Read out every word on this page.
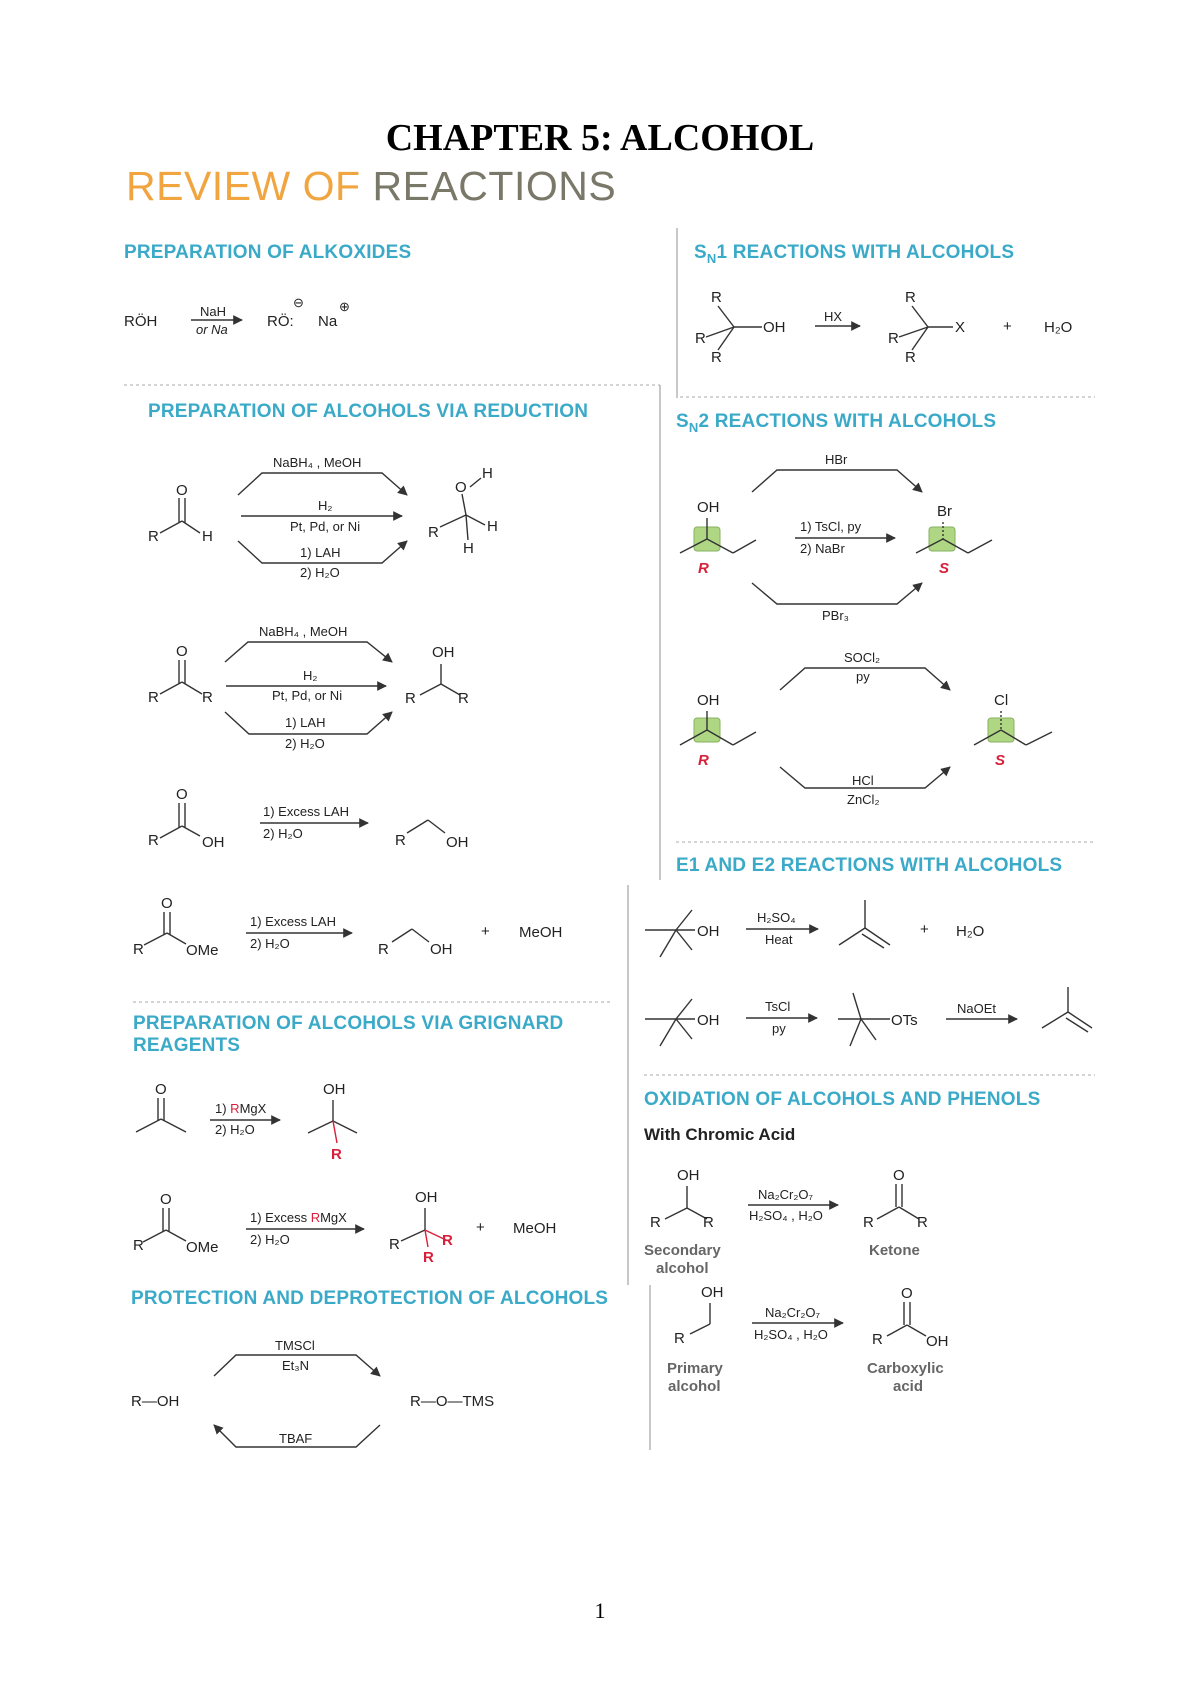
CHAPTER 5: ALCOHOL
REVIEW OF REACTIONS
PREPARATION OF ALKOXIDES	$S_N1$ REACTIONS WITH ALCOHOLS
PREPARATION OF ALCOHOLS VIA REDUCTION	$S_N2$ REACTIONS WITH ALCOHOLS
E1 AND E2 REACTIONS WITH ALCOHOLS
PREPARATION OF ALCOHOLS VIA GRIGNARD
REAGENTS
OXIDATION OF ALCOHOLS AND PHENOLS
With Chromic Acid
PROTECTION AND DEPROTECTION OF ALCOHOLS
1
RÖH
NaH
or Na	RÖ:
⊖
Na
⊕
R
R
R
OH
HX
R
R
R
X	+ H₂O
O
R	H
NaBH₄ , MeOH
H₂
Pt, Pd, or Ni
1) LAH
2) H₂O
O
H
R	H
H
O
R	R
NaBH₄ , MeOH
H₂
Pt, Pd, or Ni
1) LAH
2) H₂O
OH
R	R
O
R	OH
1) Excess LAH
2) H₂O	R	OH
O
R	OMe
1) Excess LAH
2) H₂O	R	OH
+ MeOH
OH
R
HBr
1) TsCl, py
2) NaBr
PBr₃
Br
S
OH
R
SOCl₂
py
HCl
ZnCl₂
Cl
S
OH
H₂SO₄
Heat
+ H₂O
OH
TsCl
py	OTs
NaOEt
O
1) RMgX
2) H₂O
OH
R
O
R	OMe
1) Excess RMgX
2) H₂O
OH
R	R
R
+ MeOH
OH
R	R
Secondary
alcohol
Na₂Cr₂O₇
H₂SO₄ , H₂O
O
R	R
Ketone
OH
R
Primary
alcohol
Na₂Cr₂O₇
H₂SO₄ , H₂O
O
R	OH
Carboxylic
acid
R—OH
TMSCl
Et₃N
R—O—TMS
TBAF
